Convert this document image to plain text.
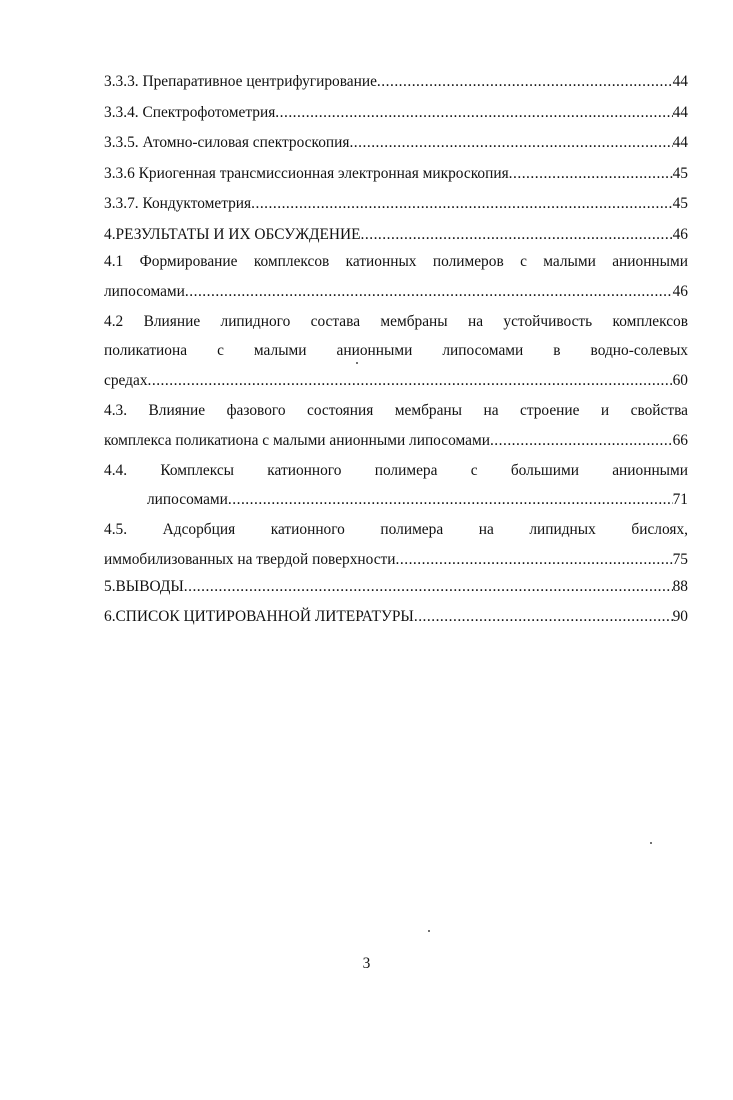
3.3.3. Препаративное центрифугирование .....	44
3.3.4. Спектрофотометрия .....	44
3.3.5. Атомно-силовая спектроскопия .....	44
3.3.6 Криогенная трансмиссионная электронная микроскопия .....	45
3.3.7. Кондуктометрия .....	45
4.РЕЗУЛЬТАТЫ И ИХ ОБСУЖДЕНИЕ .....	46
4.1 Формирование комплексов катионных полимеров с малыми анионными
липосомами .....	46
4.2 Влияние липидного состава мембраны на устойчивость комплексов
поликатиона с малыми анионными липосомами в водно-солевых
средах .....	60
4.3. Влияние фазового состояния мембраны на строение и свойства
комплекса поликатиона с малыми анионными липосомами .....	66
4.4. Комплексы катионного полимера с большими анионными
липосомами .....	71
4.5. Адсорбция катионного полимера на липидных бислоях,
иммобилизованных на твердой поверхности .....	75
5.ВЫВОДЫ .....	88
6.СПИСОК ЦИТИРОВАННОЙ ЛИТЕРАТУРЫ .....	90
3
